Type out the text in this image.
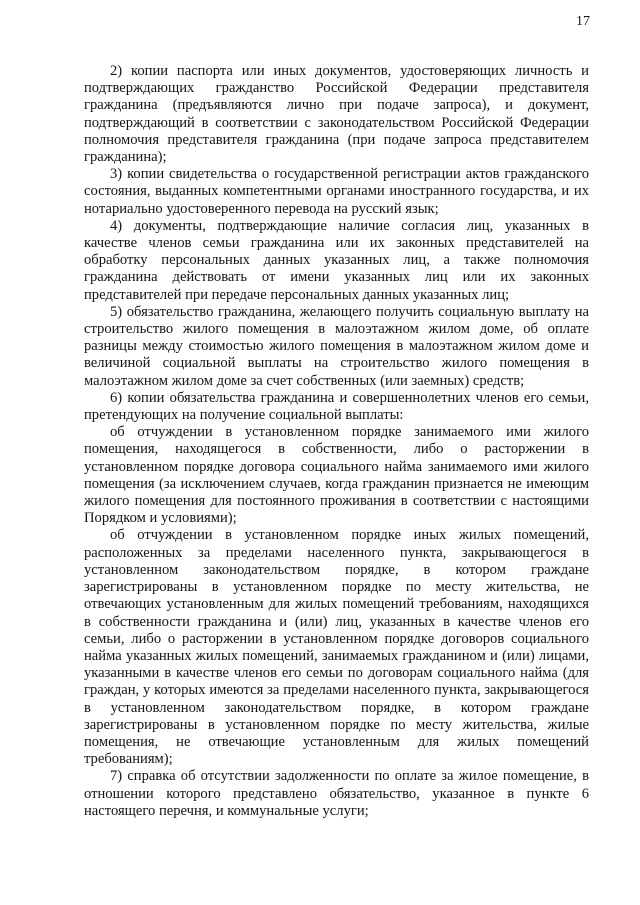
17

2) копии паспорта или иных документов, удостоверяющих личность и подтверждающих гражданство Российской Федерации представителя гражданина (предъявляются лично при подаче запроса), и документ, подтверждающий в соответствии с законодательством Российской Федерации полномочия представителя гражданина (при подаче запроса представителем гражданина);

3) копии свидетельства о государственной регистрации актов гражданского состояния, выданных компетентными органами иностранного государства, и их нотариально удостоверенного перевода на русский язык;

4) документы, подтверждающие наличие согласия лиц, указанных в качестве членов семьи гражданина или их законных представителей на обработку персональных данных указанных лиц, а также полномочия гражданина действовать от имени указанных лиц или их законных представителей при передаче персональных данных указанных лиц;

5) обязательство гражданина, желающего получить социальную выплату на строительство жилого помещения в малоэтажном жилом доме, об оплате разницы между стоимостью жилого помещения в малоэтажном жилом доме и величиной социальной выплаты на строительство жилого помещения в малоэтажном жилом доме за счет собственных (или заемных) средств;

6) копии обязательства гражданина и совершеннолетних членов его семьи, претендующих на получение социальной выплаты:

об отчуждении в установленном порядке занимаемого ими жилого помещения, находящегося в собственности, либо о расторжении в установленном порядке договора социального найма занимаемого ими жилого помещения (за исключением случаев, когда гражданин признается не имеющим жилого помещения для постоянного проживания в соответствии с настоящими Порядком и условиями);

об отчуждении в установленном порядке иных жилых помещений, расположенных за пределами населенного пункта, закрывающегося в установленном законодательством порядке, в котором граждане зарегистрированы в установленном порядке по месту жительства, не отвечающих установленным для жилых помещений требованиям, находящихся в собственности гражданина и (или) лиц, указанных в качестве членов его семьи, либо о расторжении в установленном порядке договоров социального найма указанных жилых помещений, занимаемых гражданином и (или) лицами, указанными в качестве членов его семьи по договорам социального найма (для граждан, у которых имеются за пределами населенного пункта, закрывающегося в установленном законодательством порядке, в котором граждане зарегистрированы в установленном порядке по месту жительства, жилые помещения, не отвечающие установленным для жилых помещений требованиям);

7) справка об отсутствии задолженности по оплате за жилое помещение, в отношении которого представлено обязательство, указанное в пункте 6 настоящего перечня, и коммунальные услуги;
